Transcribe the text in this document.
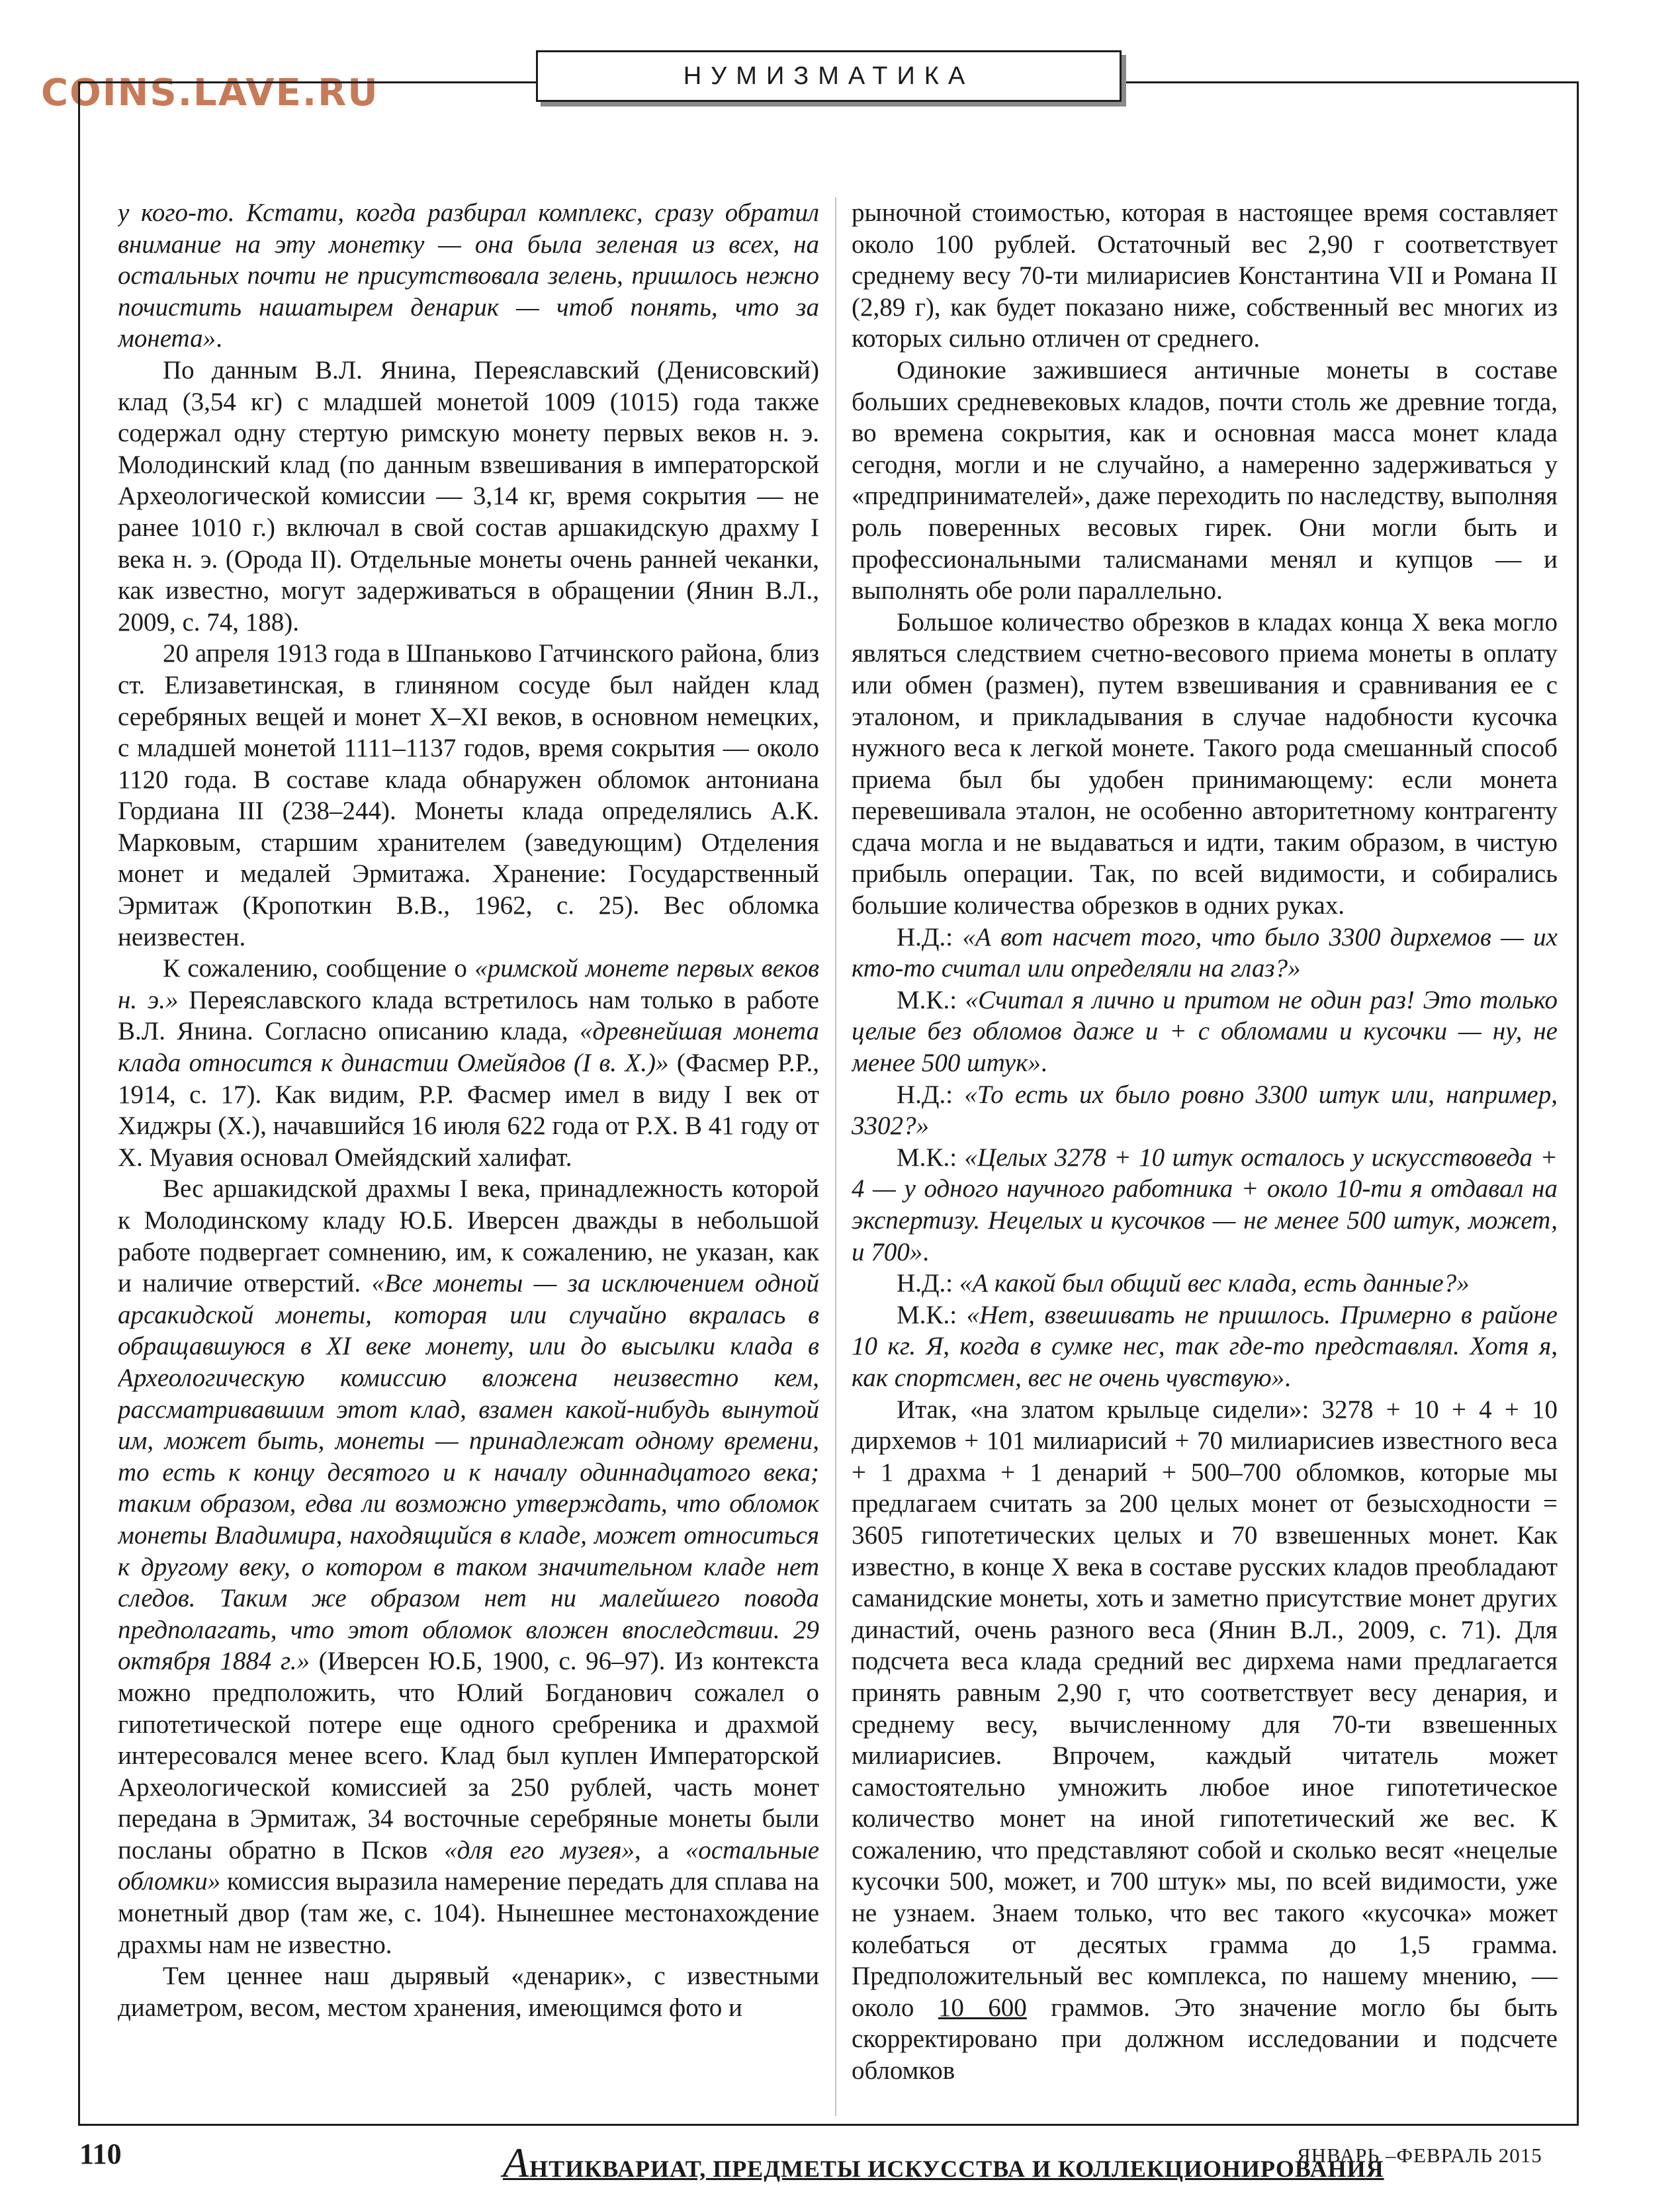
COINS.LAVE.RU	НУМИЗМАТИКА

у кого-то. Кстати, когда разбирал комплекс, сразу обратил внимание на эту монетку — она была зеленая из всех, на остальных почти не присутствовала зелень, пришлось нежно почистить нашатырем денарик — чтоб понять, что за монета».

По данным В.Л. Янина, Переяславский (Денисовский) клад (3,54 кг) с младшей монетой 1009 (1015) года также содержал одну стертую римскую монету первых веков н. э. Молодинский клад (по данным взвешивания в императорской Археологической комиссии — 3,14 кг, время сокрытия — не ранее 1010 г.) включал в свой состав аршакидскую драхму I века н. э. (Орода II). Отдельные монеты очень ранней чеканки, как известно, могут задерживаться в обращении (Янин В.Л., 2009, с. 74, 188).

20 апреля 1913 года в Шпаньково Гатчинского района, близ ст. Елизаветинская, в глиняном сосуде был найден клад серебряных вещей и монет X–XI веков, в основном немецких, с младшей монетой 1111–1137 годов, время сокрытия — около 1120 года. В составе клада обнаружен обломок антониана Гордиана III (238–244). Монеты клада определялись А.К. Марковым, старшим хранителем (заведующим) Отделения монет и медалей Эрмитажа. Хранение: Государственный Эрмитаж (Кропоткин В.В., 1962, с. 25). Вес обломка неизвестен.

К сожалению, сообщение о «римской монете первых веков н. э.» Переяславского клада встретилось нам только в работе В.Л. Янина. Согласно описанию клада, «древнейшая монета клада относится к династии Омейядов (I в. Х.)» (Фасмер Р.Р., 1914, с. 17). Как видим, Р.Р. Фасмер имел в виду I век от Хиджры (Х.), начавшийся 16 июля 622 года от Р.Х. В 41 году от Х. Муавия основал Омейядский халифат.

Вес аршакидской драхмы I века, принадлежность которой к Молодинскому кладу Ю.Б. Иверсен дважды в небольшой работе подвергает сомнению, им, к сожалению, не указан, как и наличие отверстий. «Все монеты — за исключением одной арсакидской монеты, которая или случайно вкралась в обращавшуюся в XI веке монету, или до высылки клада в Археологическую комиссию вложена неизвестно кем, рассматривавшим этот клад, взамен какой-нибудь вынутой им, может быть, монеты — принадлежат одному времени, то есть к концу десятого и к началу одиннадцатого века; таким образом, едва ли возможно утверждать, что обломок монеты Владимира, находящийся в кладе, может относиться к другому веку, о котором в таком значительном кладе нет следов. Таким же образом нет ни малейшего повода предполагать, что этот обломок вложен впоследствии. 29 октября 1884 г.» (Иверсен Ю.Б, 1900, с. 96–97). Из контекста можно предположить, что Юлий Богданович сожалел о гипотетической потере еще одного сребреника и драхмой интересовался менее всего. Клад был куплен Императорской Археологической комиссией за 250 рублей, часть монет передана в Эрмитаж, 34 восточные серебряные монеты были посланы обратно в Псков «для его музея», а «остальные обломки» комиссия выразила намерение передать для сплава на монетный двор (там же, с. 104). Нынешнее местонахождение драхмы нам не известно.

Тем ценнее наш дырявый «денарик», с известными диаметром, весом, местом хранения, имеющимся фото и

рыночной стоимостью, которая в настоящее время составляет около 100 рублей. Остаточный вес 2,90 г соответствует среднему весу 70-ти милиарисиев Константина VII и Романа II (2,89 г), как будет показано ниже, собственный вес многих из которых сильно отличен от среднего.

Одинокие зажившиеся античные монеты в составе больших средневековых кладов, почти столь же древние тогда, во времена сокрытия, как и основная масса монет клада сегодня, могли и не случайно, а намеренно задерживаться у «предпринимателей», даже переходить по наследству, выполняя роль поверенных весовых гирек. Они могли быть и профессиональными талисманами менял и купцов — и выполнять обе роли параллельно.

Большое количество обрезков в кладах конца X века могло являться следствием счетно-весового приема монеты в оплату или обмен (размен), путем взвешивания и сравнивания ее с эталоном, и прикладывания в случае надобности кусочка нужного веса к легкой монете. Такого рода смешанный способ приема был бы удобен принимающему: если монета перевешивала эталон, не особенно авторитетному контрагенту сдача могла и не выдаваться и идти, таким образом, в чистую прибыль операции. Так, по всей видимости, и собирались большие количества обрезков в одних руках.

Н.Д.: «А вот насчет того, что было 3300 дирхемов — их кто-то считал или определяли на глаз?»

М.К.: «Считал я лично и притом не один раз! Это только целые без обломов даже и + с обломами и кусочки — ну, не менее 500 штук».

Н.Д.: «То есть их было ровно 3300 штук или, например, 3302?»

М.К.: «Целых 3278 + 10 штук осталось у искусствоведа + 4 — у одного научного работника + около 10-ти я отдавал на экспертизу. Нецелых и кусочков — не менее 500 штук, может, и 700».

Н.Д.: «А какой был общий вес клада, есть данные?»

М.К.: «Нет, взвешивать не пришлось. Примерно в районе 10 кг. Я, когда в сумке нес, так где-то представлял. Хотя я, как спортсмен, вес не очень чувствую».

Итак, «на златом крыльце сидели»: 3278 + 10 + 4 + 10 дирхемов + 101 милиарисий + 70 милиарисиев известного веса + 1 драхма + 1 денарий + 500–700 обломков, которые мы предлагаем считать за 200 целых монет от безысходности = 3605 гипотетических целых и 70 взвешенных монет. Как известно, в конце X века в составе русских кладов преобладают саманидские монеты, хоть и заметно присутствие монет других династий, очень разного веса (Янин В.Л., 2009, с. 71). Для подсчета веса клада средний вес дирхема нами предлагается принять равным 2,90 г, что соответствует весу денария, и среднему весу, вычисленному для 70-ти взвешенных милиарисиев. Впрочем, каждый читатель может самостоятельно умножить любое иное гипотетическое количество монет на иной гипотетический же вес. К сожалению, что представляют собой и сколько весят «нецелые кусочки 500, может, и 700 штук» мы, по всей видимости, уже не узнаем. Знаем только, что вес такого «кусочка» может колебаться от десятых грамма до 1,5 грамма. Предположительный вес комплекса, по нашему мнению, — около 10 600 граммов. Это значение могло бы быть скорректировано при должном исследовании и подсчете обломков

110	АНТИКВАРИАТ, ПРЕДМЕТЫ ИСКУССТВА И КОЛЛЕКЦИОНИРОВАНИЯ
ЯНВАРЬ –ФЕВРАЛЬ 2015
